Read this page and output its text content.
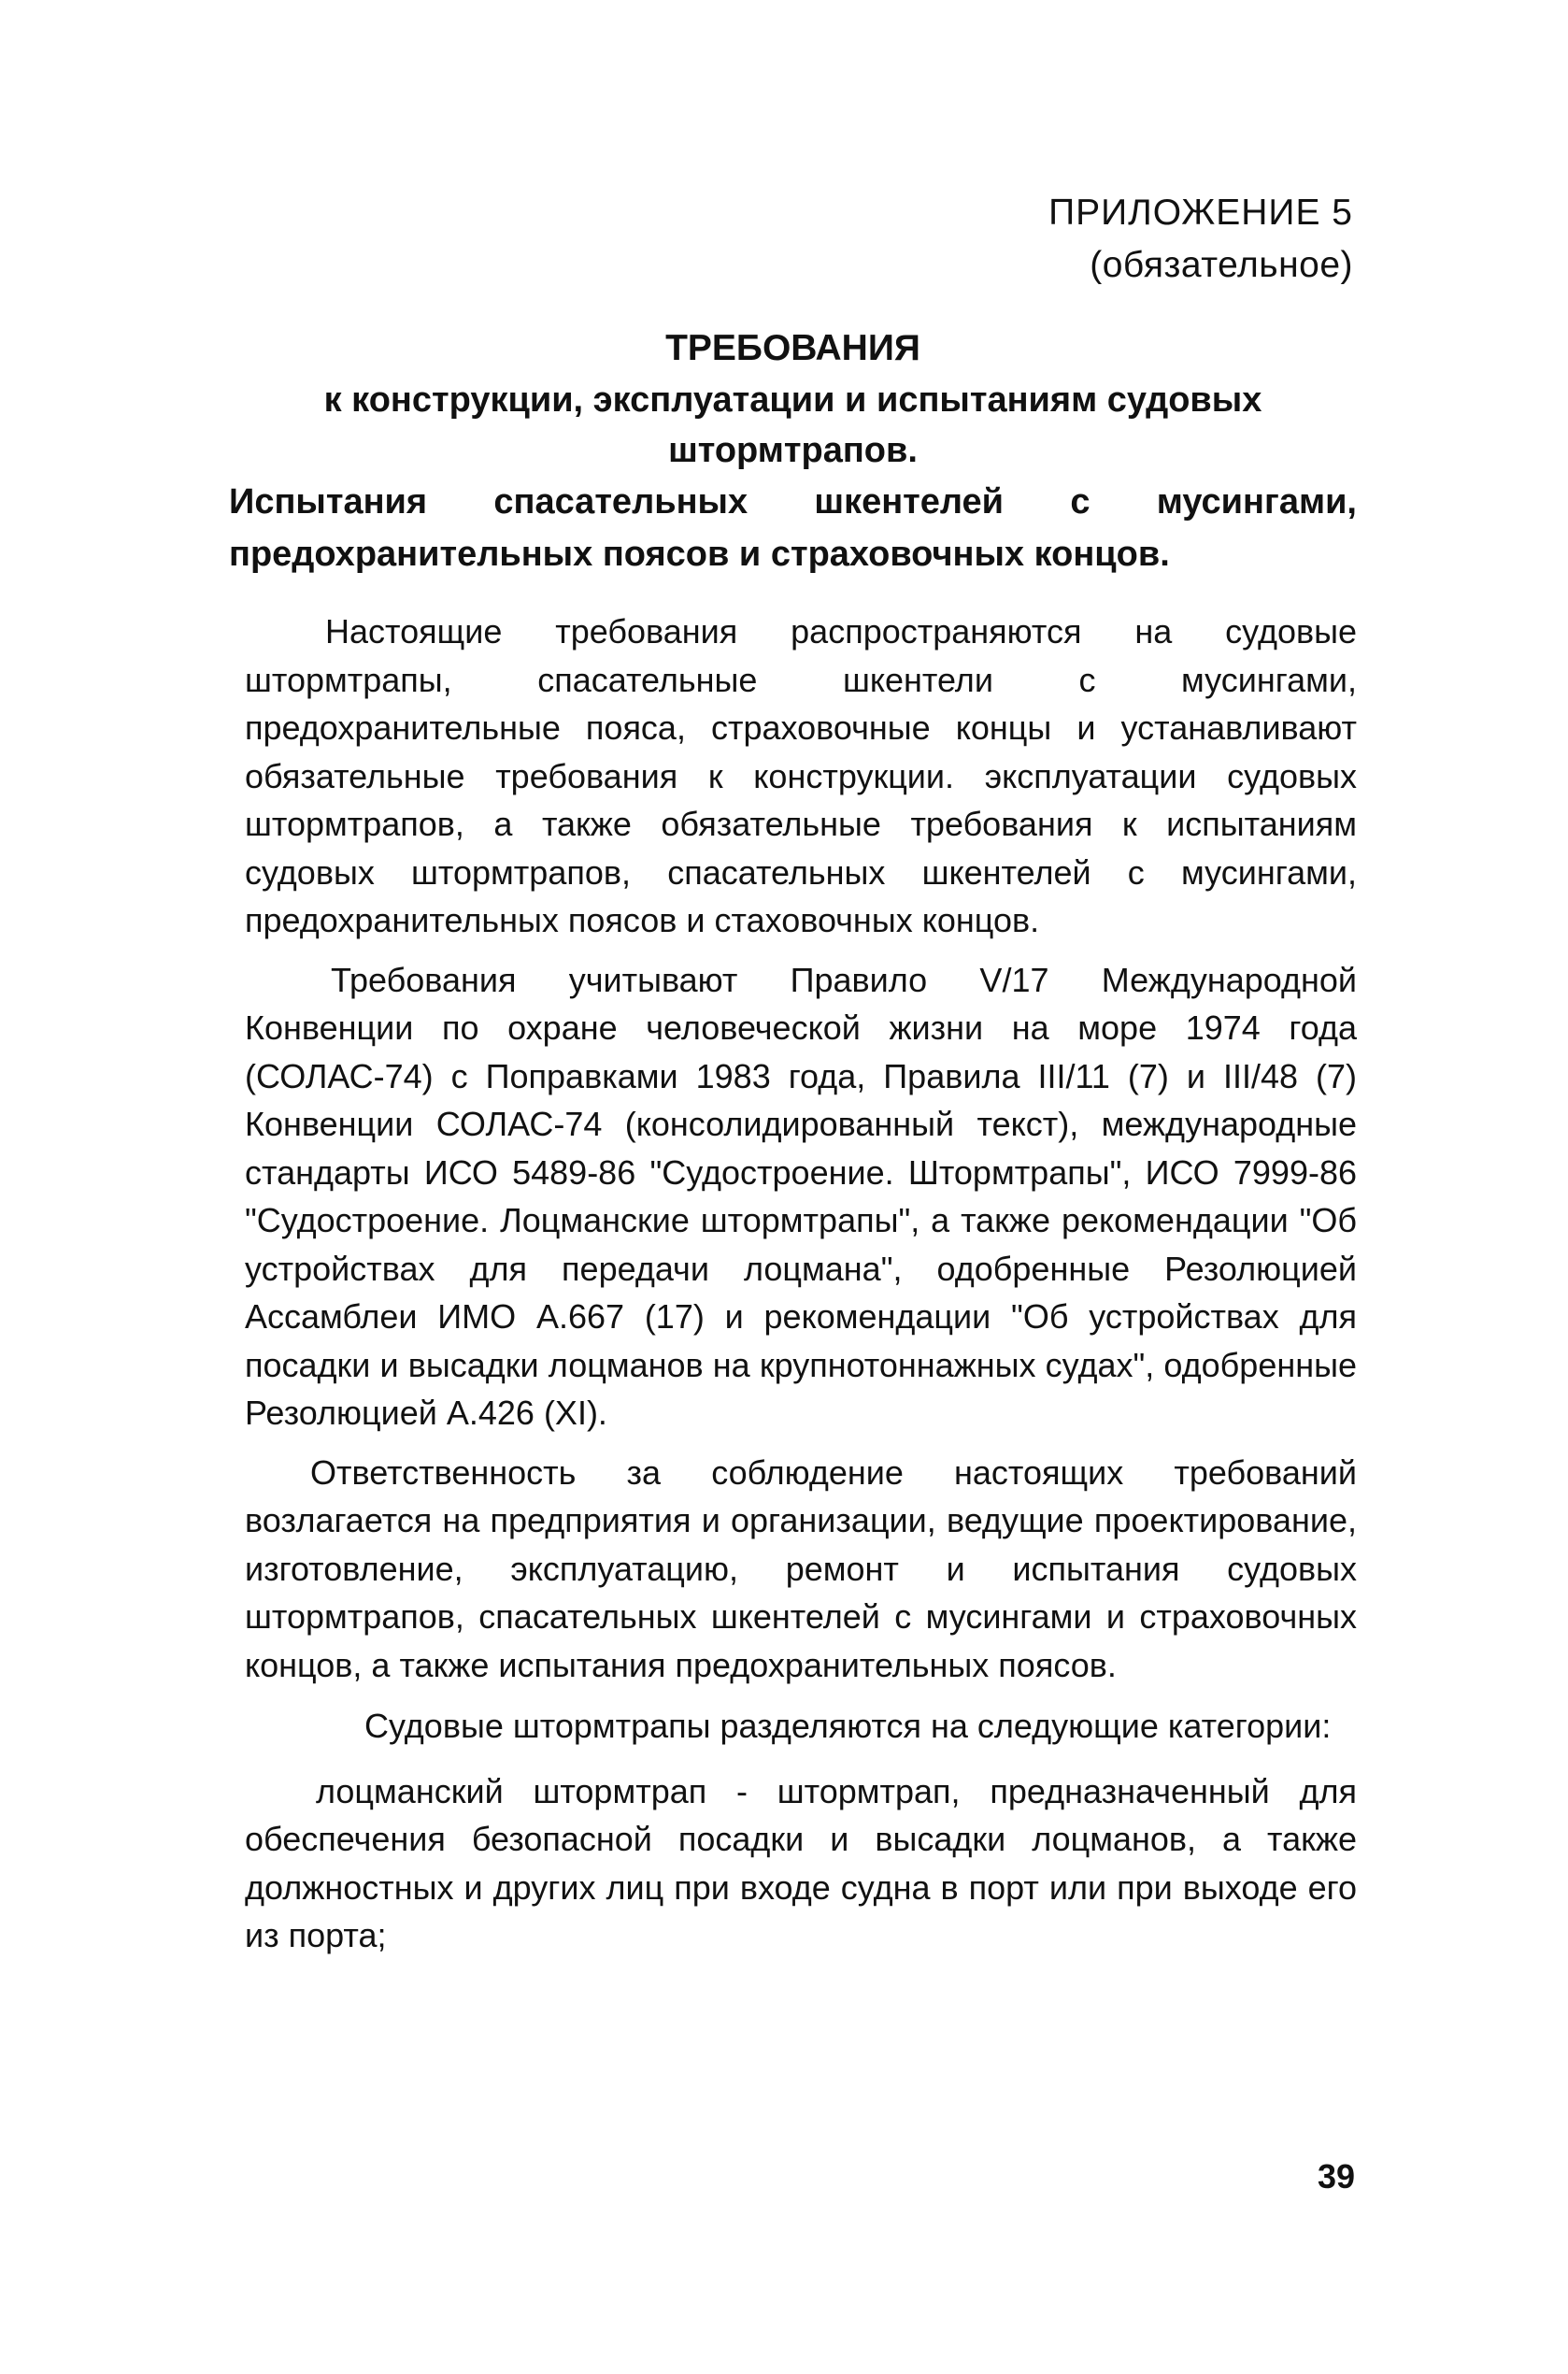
ПРИЛОЖЕНИЕ 5
(обязательное)
ТРЕБОВАНИЯ
к конструкции, эксплуатации и испытаниям судовых
штормтрапов.
Испытания спасательных шкентелей с мусингами,
предохранительных поясов и страховочных концов.

Настоящие требования распространяются на судовые штормтрапы, спасательные шкентели с мусингами, предохранительные пояса, страховочные концы и устанавливают обязательные требования к конструкции. эксплуатации судовых штормтрапов, а также обязательные требования к испытаниям судовых штормтрапов, спасательных шкентелей с мусингами, предохранительных поясов и стаховочных концов.

Требования учитывают Правило V/17 Международной Конвенции по охране человеческой жизни на море 1974 года (СОЛАС-74) с Поправками 1983 года, Правила III/11 (7) и III/48 (7) Конвенции СОЛАС-74 (консолидированный текст), международные стандарты ИСО 5489-86 "Судостроение. Штормтрапы", ИСО 7999-86 "Судостроение. Лоцманские штормтрапы", а также рекомендации "Об устройствах для передачи лоцмана", одобренные Резолюцией Ассамблеи ИМО А.667 (17) и рекомендации "Об устройствах для посадки и высадки лоцманов на крупнотоннажных судах", одобренные Резолюцией А.426 (XI).

Ответственность за соблюдение настоящих требований возлагается на предприятия и организации, ведущие проектирование, изготовление, эксплуатацию, ремонт и испытания судовых штормтрапов, спасательных шкентелей с мусингами и страховочных концов, а также испытания предохранительных поясов.

Судовые штормтрапы разделяются на следующие категории:

лоцманский штормтрап - штормтрап, предназначенный для обеспечения безопасной посадки и высадки лоцманов, а также должностных и других лиц при входе судна в порт или при выходе его из порта;

39
